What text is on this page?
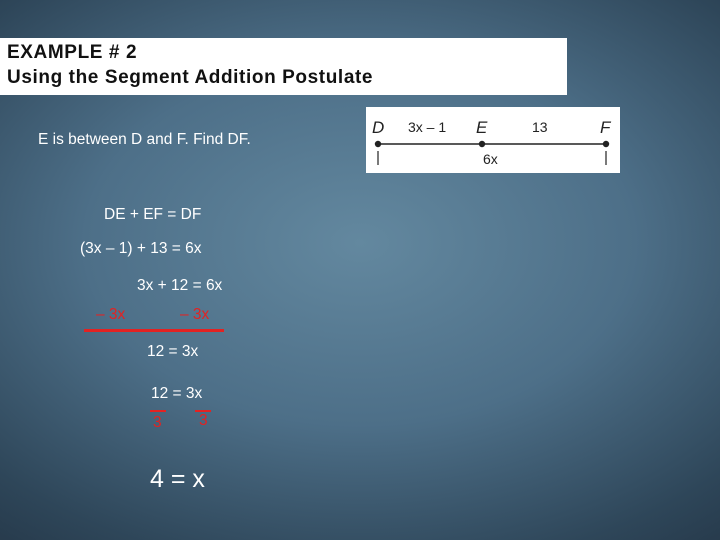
EXAMPLE # 2
Using the Segment Addition Postulate
E is between D and F. Find DF.
D	E	F
3x – 1	13
6x
DE + EF = DF
(3x – 1) + 13 = 6x
3x + 12 = 6x
– 3x	– 3x
12 = 3x
12 = 3x
3 3
4 = x
